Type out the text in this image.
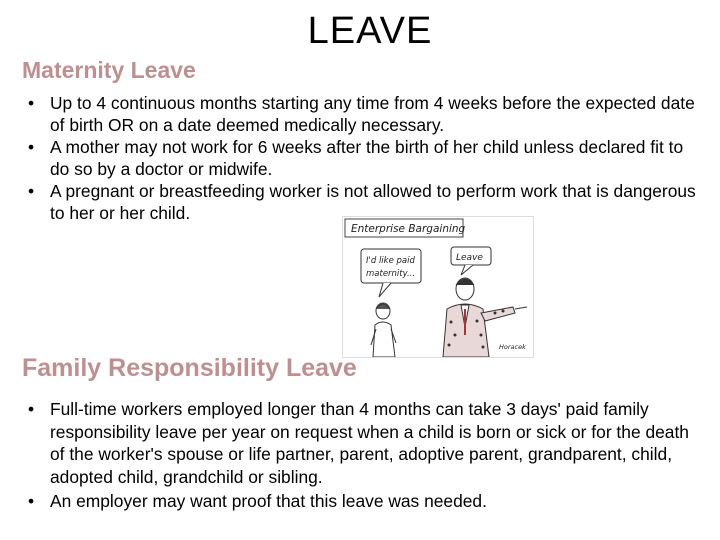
LEAVE
Maternity Leave
• Up to 4 continuous months starting any time from 4 weeks before the expected date of birth OR on a date deemed medically necessary.
• A mother may not work for 6 weeks after the birth of her child unless declared fit to do so by a doctor or midwife.
• A pregnant or breastfeeding worker is not allowed to perform work that is dangerous to her or her child.
Enterprise Bargaining
I'd like paid
maternity...
Leave
Horacek
Family Responsibility Leave
• Full-time workers employed longer than 4 months can take 3 days' paid family responsibility leave per year on request when a child is born or sick or for the death of the worker's spouse or life partner, parent, adoptive parent, grandparent, child, adopted child, grandchild or sibling.
• An employer may want proof that this leave was needed.
